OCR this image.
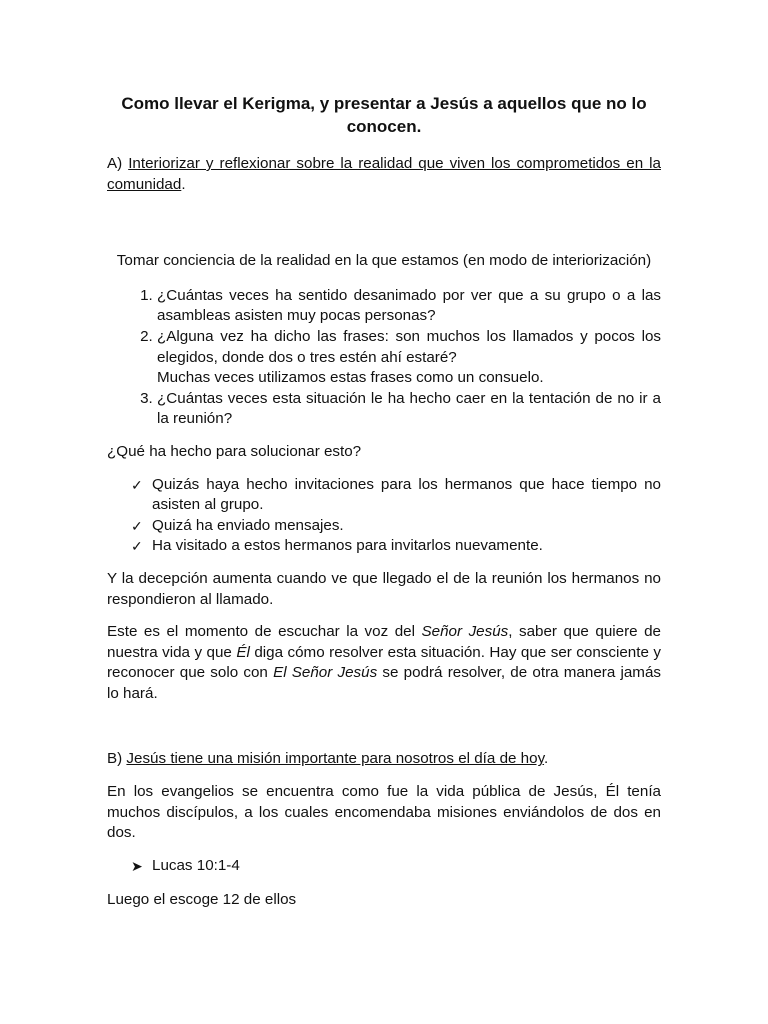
Como llevar el Kerigma, y presentar a Jesús a aquellos que no lo conocen.

A) Interiorizar y reflexionar sobre la realidad que viven los comprometidos en la comunidad.

Tomar conciencia de la realidad en la que estamos (en modo de interiorización)

1. ¿Cuántas veces ha sentido desanimado por ver que a su grupo o a las asambleas asisten muy pocas personas?
2. ¿Alguna vez ha dicho las frases: son muchos los llamados y pocos los elegidos, donde dos o tres estén ahí estaré?
Muchas veces utilizamos estas frases como un consuelo.
3. ¿Cuántas veces esta situación le ha hecho caer en la tentación de no ir a la reunión?

¿Qué ha hecho para solucionar esto?

✓ Quizás haya hecho invitaciones para los hermanos que hace tiempo no asisten al grupo.
✓ Quizá ha enviado mensajes.
✓ Ha visitado a estos hermanos para invitarlos nuevamente.

Y la decepción aumenta cuando ve que llegado el de la reunión los hermanos no respondieron al llamado.

Este es el momento de escuchar la voz del Señor Jesús, saber que quiere de nuestra vida y que Él diga cómo resolver esta situación. Hay que ser consciente y reconocer que solo con El Señor Jesús se podrá resolver, de otra manera jamás lo hará.

B) Jesús tiene una misión importante para nosotros el día de hoy.

En los evangelios se encuentra como fue la vida pública de Jesús, Él tenía muchos discípulos, a los cuales encomendaba misiones enviándolos de dos en dos.

➤ Lucas 10:1-4

Luego el escoge 12 de ellos
